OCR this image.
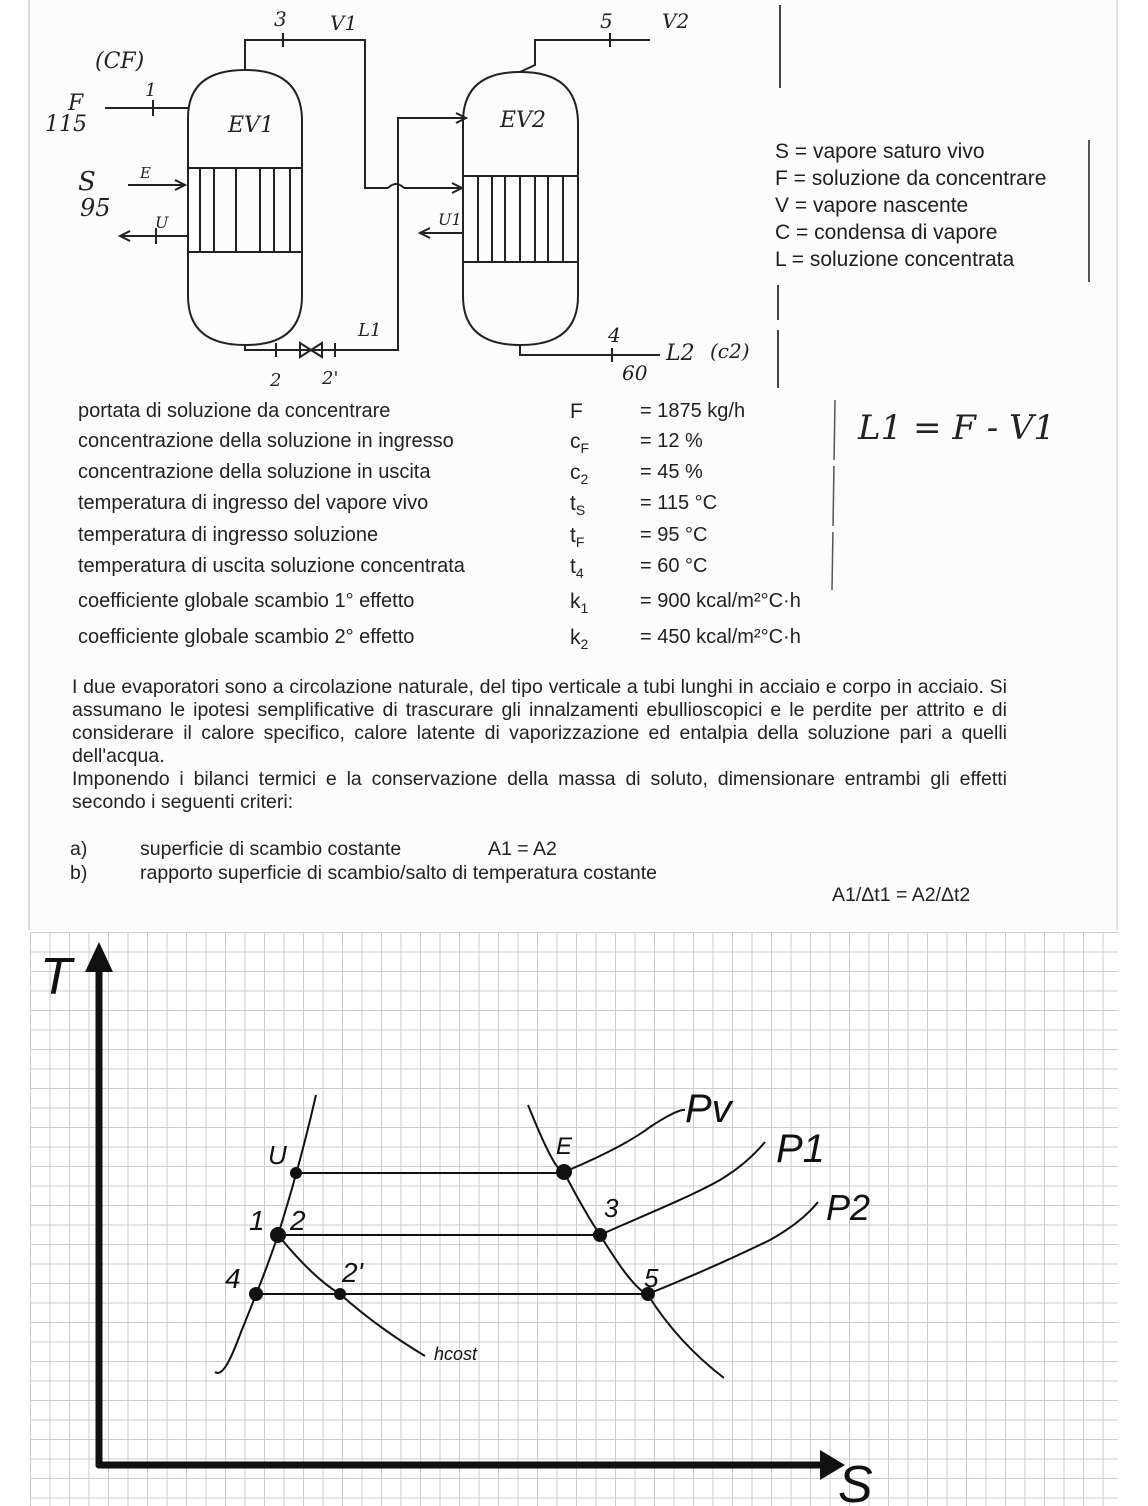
(CF)
F
115
S
95
E
U	U1
EV1	EV2
1
2 2'
3
4
5
V1	V2
L1
L2 (c2)
60
S = vapore saturo vivo
F = soluzione da concentrare
V = vapore nascente
C = condensa di vapore
L = soluzione concentrata
portata di soluzione da concentrare	F	= 1875 kg/h
concentrazione della soluzione in ingresso	$c_F$	= 12 %
concentrazione della soluzione in uscita	$c_2$	= 45 %
temperatura di ingresso del vapore vivo	$t_S$	= 115 °C
temperatura di ingresso soluzione	$t_F$	= 95 °C
temperatura di uscita soluzione concentrata	$t_4$	= 60 °C
coefficiente globale scambio 1° effetto	$k_1$	= 900 kcal/m²°C·h
coefficiente globale scambio 2° effetto	$k_2$	= 450 kcal/m²°C·h
L1 = F - V1

I due evaporatori sono a circolazione naturale, del tipo verticale a tubi lunghi in acciaio e corpo in acciaio. Si assumano le ipotesi semplificative di trascurare gli innalzamenti ebullioscopici e le perdite per attrito e di considerare il calore specifico, calore latente di vaporizzazione ed entalpia della soluzione pari a quelli dell'acqua.

Imponendo i bilanci termici e la conservazione della massa di soluto, dimensionare entrambi gli effetti secondo i seguenti criteri:

a)	superficie di scambio costante	A1 = A2
b)	rapporto superficie di scambio/salto di temperatura costante
A1/Δt1 = A2/Δt2
T
S
U	E
1 2	3
4	2'	5
Pv
P1
P2
hcost
